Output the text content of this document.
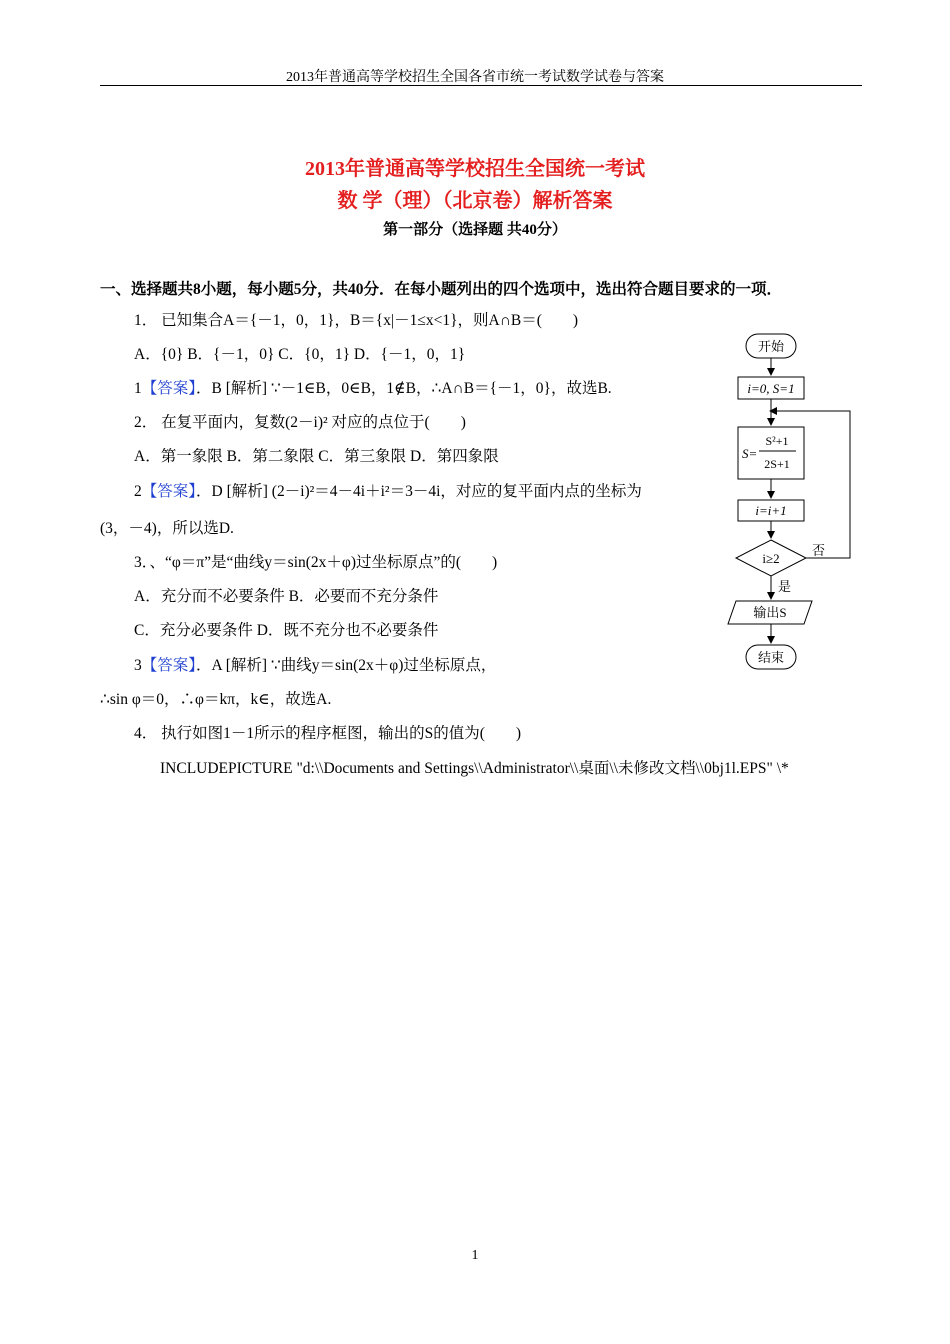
2013年普通高等学校招生全国各省市统一考试数学试卷与答案
2013年普通高等学校招生全国统一考试
数 学（理）（北京卷）解析答案
第一部分（选择题 共40分）
一、选择题共8小题，每小题5分，共40分．在每小题列出的四个选项中，选出符合题目要求的一项．
1． 已知集合A＝{－1，0，1}，B＝{x|－1≤x<1}，则A∩B＝(　　)
A．{0} B．{－1，0} C．{0，1} D．{－1，0，1}
1【答案】．B [解析] ∵－1∈B，0∈B，1∉B，∴A∩B＝{－1，0}，故选B.
2． 在复平面内，复数(2－i)² 对应的点位于(　　)
A．第一象限 B．第二象限 C．第三象限 D．第四象限
2【答案】．D [解析] (2－i)²＝4－4i＋i²＝3－4i，对应的复平面内点的坐标为
(3，－4)，所以选D.
3．、“φ＝π”是“曲线y＝sin(2x＋φ)过坐标原点”的(　　)
A．充分而不必要条件 B．必要而不充分条件
C．充分必要条件 D．既不充分也不必要条件
3【答案】．A [解析] ∵曲线y＝sin(2x＋φ)过坐标原点，
∴sin φ＝0，∴φ＝kπ，k∈，故选A.
4． 执行如图1－1所示的程序框图，输出的S的值为(　　)
INCLUDEPICTURE "d:\\Documents and Settings\\Administrator\\桌面\\未修改文档\\0bj1l.EPS" \*
开始
i=0, S=1
S=
S²+1
2S+1
i=i+1
i≥2
否
是
输出S
结束
1
